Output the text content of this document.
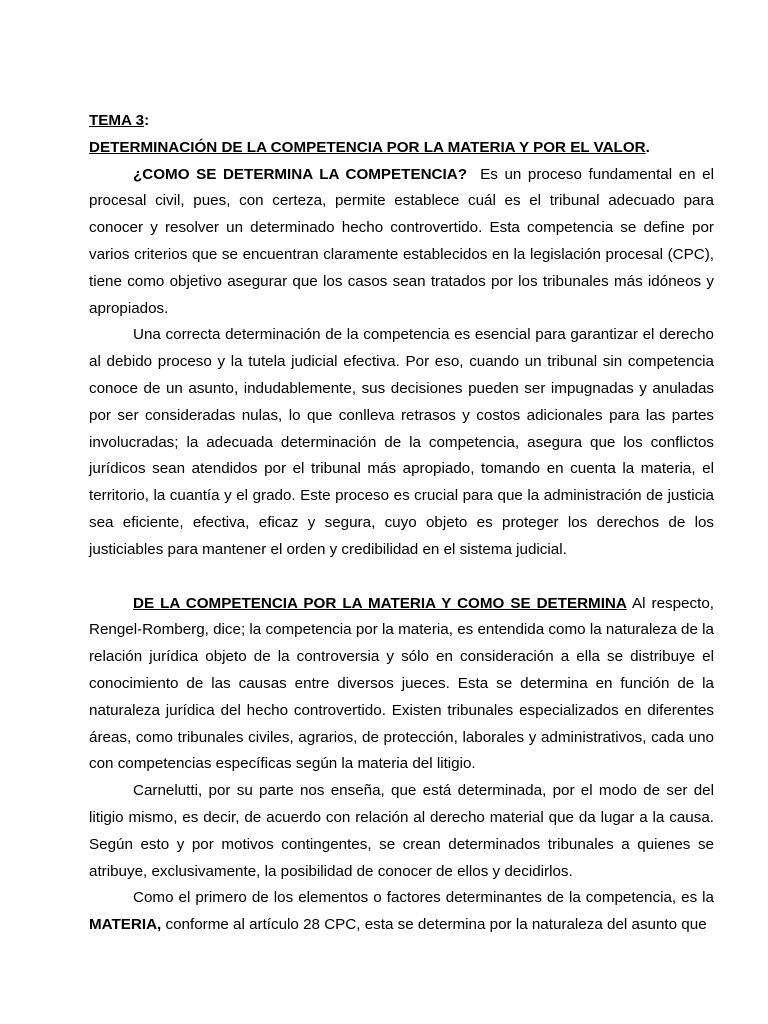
TEMA 3:
DETERMINACIÓN DE LA COMPETENCIA POR LA MATERIA Y POR EL VALOR.

¿COMO SE DETERMINA LA COMPETENCIA?  Es un proceso fundamental en el procesal civil, pues, con certeza, permite establece cuál es el tribunal adecuado para conocer y resolver un determinado hecho controvertido. Esta competencia se define por varios criterios que se encuentran claramente establecidos en la legislación procesal (CPC), tiene como objetivo asegurar que los casos sean tratados por los tribunales más idóneos y apropiados.

Una correcta determinación de la competencia es esencial para garantizar el derecho al debido proceso y la tutela judicial efectiva. Por eso, cuando un tribunal sin competencia conoce de un asunto, indudablemente, sus decisiones pueden ser impugnadas y anuladas por ser consideradas nulas, lo que conlleva retrasos y costos adicionales para las partes involucradas; la adecuada determinación de la competencia, asegura que los conflictos jurídicos sean atendidos por el tribunal más apropiado, tomando en cuenta la materia, el territorio, la cuantía y el grado. Este proceso es crucial para que la administración de justicia sea eficiente, efectiva, eficaz y segura, cuyo objeto es proteger los derechos de los justiciables para mantener el orden y credibilidad en el sistema judicial.

DE LA COMPETENCIA POR LA MATERIA Y COMO SE DETERMINA Al respecto, Rengel-Romberg, dice; la competencia por la materia, es entendida como la naturaleza de la relación jurídica objeto de la controversia y sólo en consideración a ella se distribuye el conocimiento de las causas entre diversos jueces. Esta se determina en función de la naturaleza jurídica del hecho controvertido. Existen tribunales especializados en diferentes áreas, como tribunales civiles, agrarios, de protección, laborales y administrativos, cada uno con competencias específicas según la materia del litigio.

Carnelutti, por su parte nos enseña, que está determinada, por el modo de ser del litigio mismo, es decir, de acuerdo con relación al derecho material que da lugar a la causa. Según esto y por motivos contingentes, se crean determinados tribunales a quienes se atribuye, exclusivamente, la posibilidad de conocer de ellos y decidirlos.

Como el primero de los elementos o factores determinantes de la competencia, es la MATERIA, conforme al artículo 28 CPC, esta se determina por la naturaleza del asunto que
